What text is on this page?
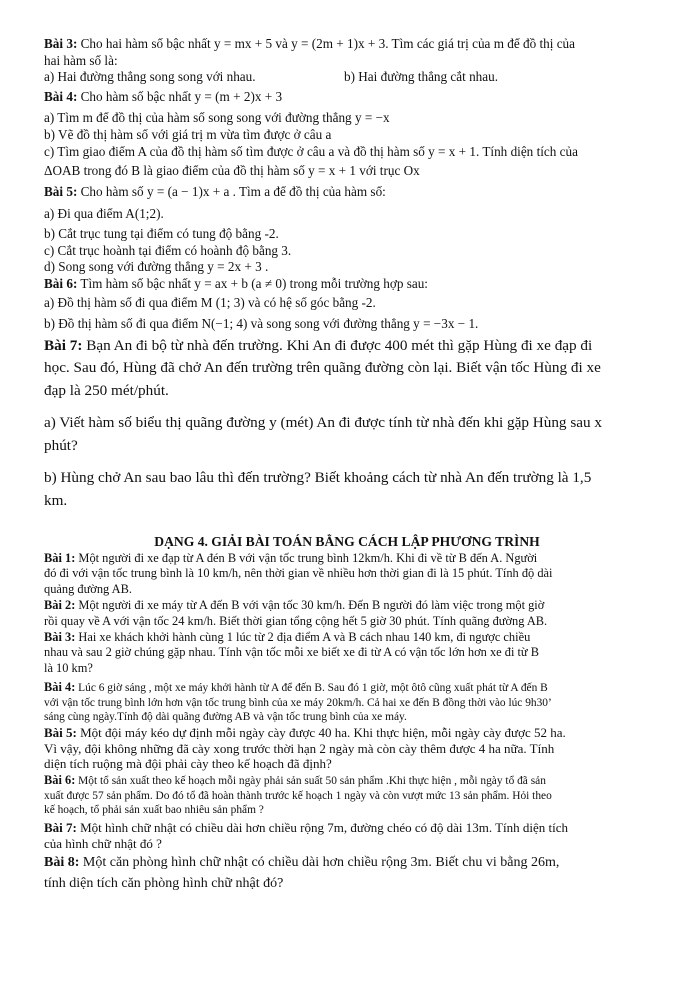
Bài 3: Cho hai hàm số bậc nhất y = mx + 5 và y = (2m + 1)x + 3. Tìm các giá trị của m để đồ thị của
hai hàm số là:
a) Hai đường thẳng song song với nhau.	b) Hai đường thẳng cắt nhau.
Bài 4: Cho hàm số bậc nhất y = (m + 2)x + 3
a) Tìm m để đồ thị của hàm số song song với đường thẳng y = −x
b) Vẽ đồ thị hàm số với giá trị m vừa tìm được ở câu a
c) Tìm giao điểm A của đồ thị hàm số tìm được ở câu a và đồ thị hàm số y = x + 1. Tính diện tích của
ΔOAB trong đó B là giao điểm của đồ thị hàm số y = x + 1 với trục Ox
Bài 5: Cho hàm số y = (a − 1)x + a . Tìm a để đồ thị của hàm số:
a) Đi qua điểm A(1;2).
b) Cắt trục tung tại điểm có tung độ bằng -2.
c) Cắt trục hoành tại điểm có hoành độ bằng 3.
d) Song song với đường thẳng y = 2x + 3 .
Bài 6: Tìm hàm số bậc nhất y = ax + b (a ≠ 0) trong mỗi trường hợp sau:
a) Đồ thị hàm số đi qua điểm M (1; 3) và có hệ số góc bằng -2.
b) Đồ thị hàm số đi qua điểm N(−1; 4) và song song với đường thẳng y = −3x − 1.
Bài 7: Bạn An đi bộ từ nhà đến trường. Khi An đi được 400 mét thì gặp Hùng đi xe đạp đi
học. Sau đó, Hùng đã chở An đến trường trên quãng đường còn lại. Biết vận tốc Hùng đi xe
đạp là 250 mét/phút.
a) Viết hàm số biểu thị quãng đường y (mét) An đi được tính từ nhà đến khi gặp Hùng sau x
phút?
b) Hùng chở An sau bao lâu thì đến trường? Biết khoảng cách từ nhà An đến trường là 1,5
km.
DẠNG 4. GIẢI BÀI TOÁN BẰNG CÁCH LẬP PHƯƠNG TRÌNH
Bài 1: Một người đi xe đạp từ A đén B với vận tốc trung bình 12km/h. Khi đi về từ B đến A. Người
đó đi với vận tốc trung bình là 10 km/h, nên thời gian về nhiều hơn thời gian đi là 15 phút. Tính độ dài
quảng đường AB.
Bài 2: Một người đi xe máy từ A đến B với vận tốc 30 km/h. Đến B người đó làm việc trong một giờ
rồi quay về A với vận tốc 24 km/h. Biết thời gian tổng cộng hết 5 giờ 30 phút. Tính quãng đường AB.
Bài 3: Hai xe khách khởi hành cùng 1 lúc từ 2 địa điểm A và B cách nhau 140 km, đi ngược chiều
nhau và sau 2 giờ chúng gặp nhau. Tính vận tốc mỗi xe biết xe đi từ A có vận tốc lớn hơn xe đi từ B
là 10 km?
Bài 4: Lúc 6 giờ sáng , một xe máy khởi hành từ A để đến B. Sau đó 1 giờ, một ôtô cũng xuất phát từ A đến B
với vận tốc trung bình lớn hơn vận tốc trung bình của xe máy 20km/h. Cả hai xe đến B đồng thời vào lúc 9h30’
sáng cùng ngày.Tính độ dài quãng đường AB và vận tốc trung bình của xe máy.
Bài 5: Một đội máy kéo dự định mỗi ngày cày được 40 ha. Khi thực hiện, mỗi ngày cày được 52 ha.
Vì vậy, đội không những đã cày xong trước thời hạn 2 ngày mà còn cày thêm được 4 ha nữa. Tính
diện tích ruộng mà đội phải cày theo kế hoạch đã định?
Bài 6: Một tổ sản xuất theo kế hoạch mỗi ngày phải sản suất 50 sản phẩm .Khi thực hiện , mỗi ngày tổ đã sản
xuất được 57 sản phẩm. Do đó tổ đã hoàn thành trước kế hoạch 1 ngày và còn vượt mức 13 sản phẩm. Hỏi theo
kế hoạch, tổ phải sản xuất bao nhiêu sản phẩm ?
Bài 7: Một hình chữ nhật có chiều dài hơn chiều rộng 7m, đường chéo có độ dài 13m. Tính diện tích
của hình chữ nhật đó ?
Bài 8: Một căn phòng hình chữ nhật có chiều dài hơn chiều rộng 3m. Biết chu vi bằng 26m,
tính diện tích căn phòng hình chữ nhật đó?
